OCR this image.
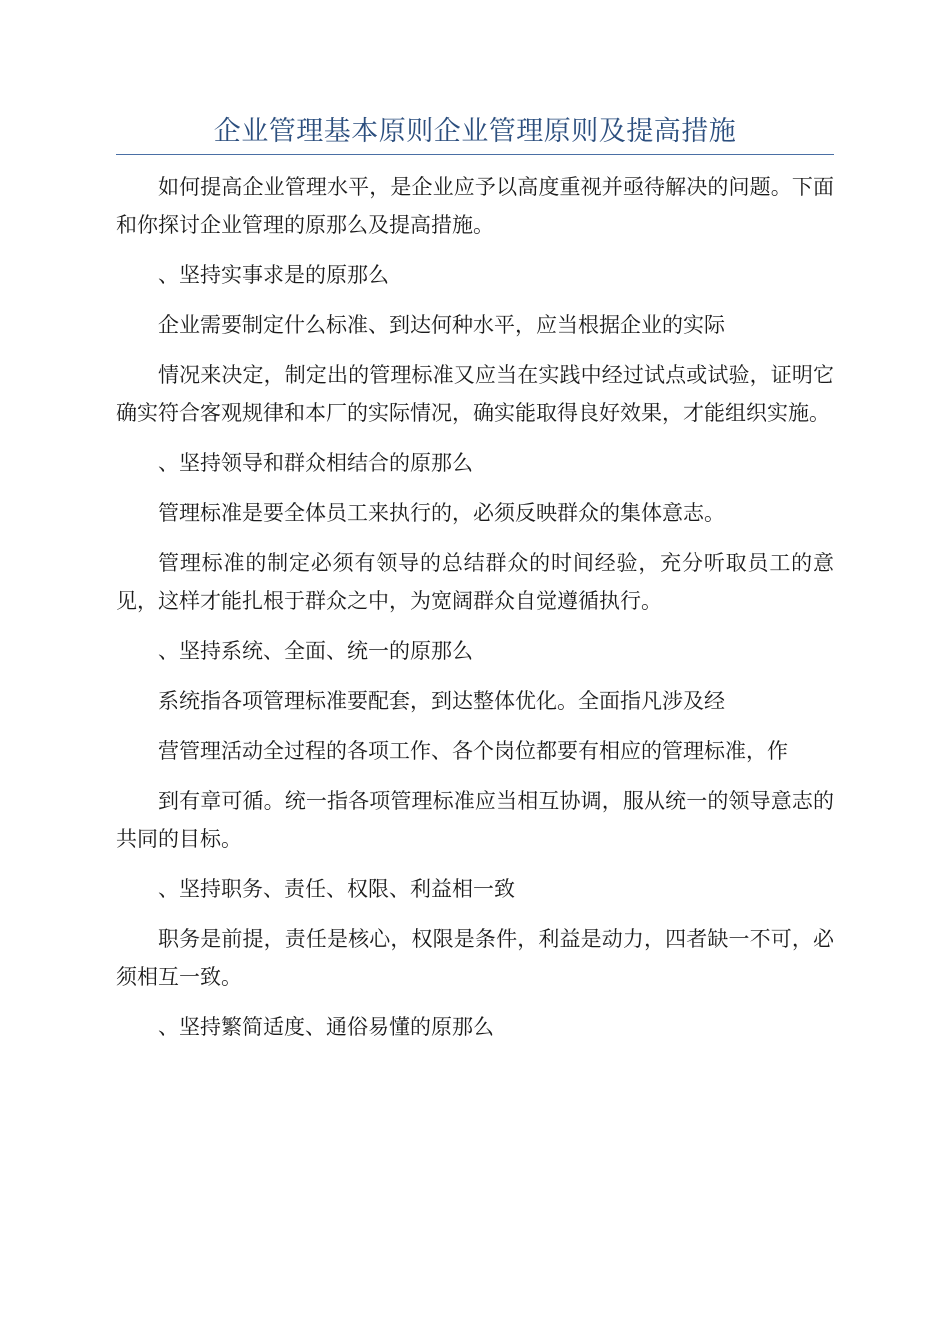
企业管理基本原则企业管理原则及提高措施

如何提高企业管理水平，是企业应予以高度重视并亟待解决的问题。下面和你探讨企业管理的原那么及提高措施。

、坚持实事求是的原那么

企业需要制定什么标准、到达何种水平，应当根据企业的实际

情况来决定，制定出的管理标准又应当在实践中经过试点或试验，证明它确实符合客观规律和本厂的实际情况，确实能取得良好效果，才能组织实施。

、坚持领导和群众相结合的原那么

管理标准是要全体员工来执行的，必须反映群众的集体意志。

管理标准的制定必须有领导的总结群众的时间经验，充分听取员工的意见，这样才能扎根于群众之中，为宽阔群众自觉遵循执行。

、坚持系统、全面、统一的原那么

系统指各项管理标准要配套，到达整体优化。全面指凡涉及经

营管理活动全过程的各项工作、各个岗位都要有相应的管理标准，作

到有章可循。统一指各项管理标准应当相互协调，服从统一的领导意志的共同的目标。

、坚持职务、责任、权限、利益相一致

职务是前提，责任是核心，权限是条件，利益是动力，四者缺一不可，必须相互一致。

、坚持繁简适度、通俗易懂的原那么
